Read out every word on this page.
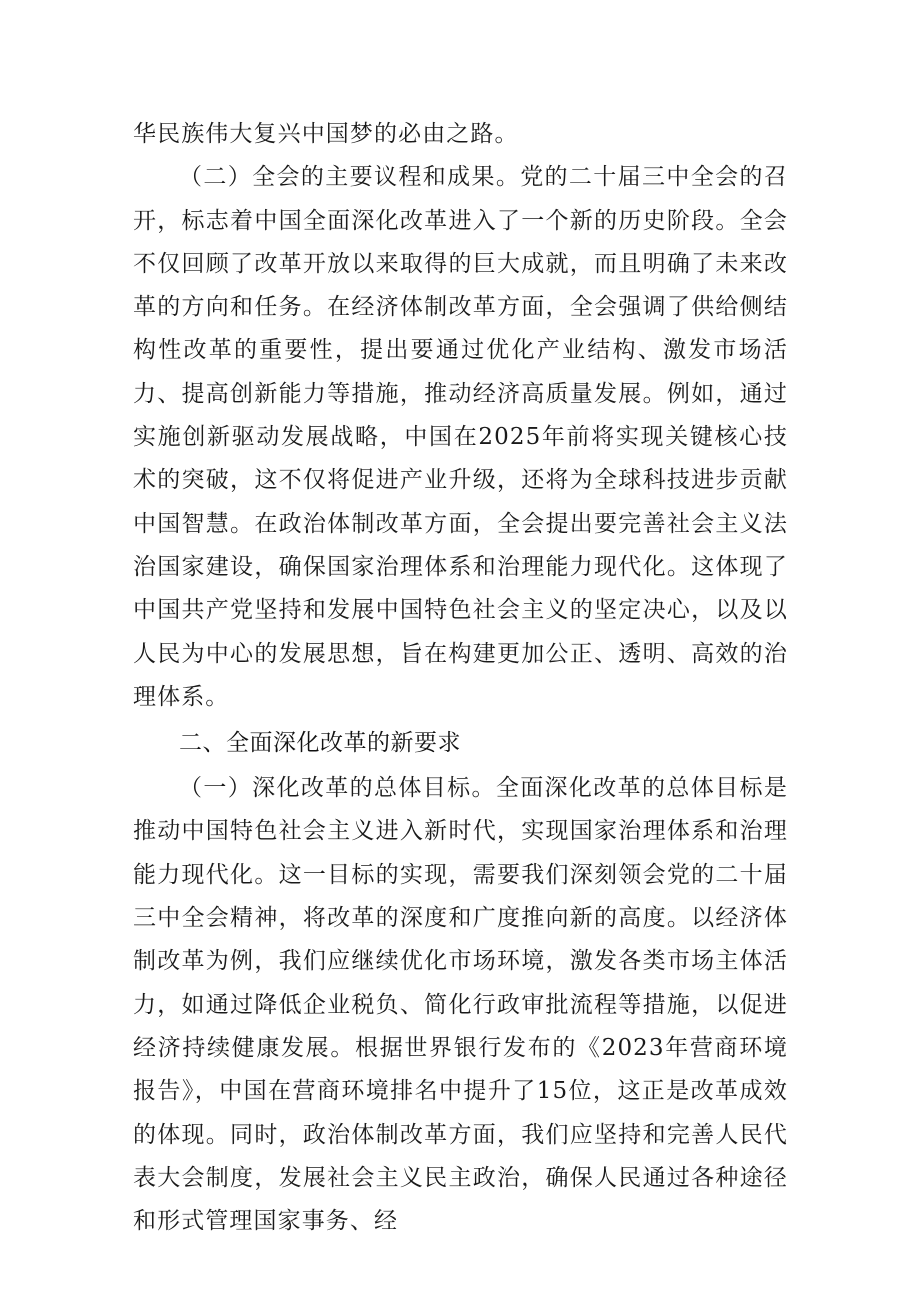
华民族伟大复兴中国梦的必由之路。

（二）全会的主要议程和成果。党的二十届三中全会的召开，标志着中国全面深化改革进入了一个新的历史阶段。全会不仅回顾了改革开放以来取得的巨大成就，而且明确了未来改革的方向和任务。在经济体制改革方面，全会强调了供给侧结构性改革的重要性，提出要通过优化产业结构、激发市场活力、提高创新能力等措施，推动经济高质量发展。例如，通过实施创新驱动发展战略，中国在2025年前将实现关键核心技术的突破，这不仅将促进产业升级，还将为全球科技进步贡献中国智慧。在政治体制改革方面，全会提出要完善社会主义法治国家建设，确保国家治理体系和治理能力现代化。这体现了中国共产党坚持和发展中国特色社会主义的坚定决心，以及以人民为中心的发展思想，旨在构建更加公正、透明、高效的治理体系。

二、全面深化改革的新要求

（一）深化改革的总体目标。全面深化改革的总体目标是推动中国特色社会主义进入新时代，实现国家治理体系和治理能力现代化。这一目标的实现，需要我们深刻领会党的二十届三中全会精神，将改革的深度和广度推向新的高度。以经济体制改革为例，我们应继续优化市场环境，激发各类市场主体活力，如通过降低企业税负、简化行政审批流程等措施，以促进经济持续健康发展。根据世界银行发布的《2023年营商环境报告》，中国在营商环境排名中提升了15位，这正是改革成效的体现。同时，政治体制改革方面，我们应坚持和完善人民代表大会制度，发展社会主义民主政治，确保人民通过各种途径和形式管理国家事务、经
